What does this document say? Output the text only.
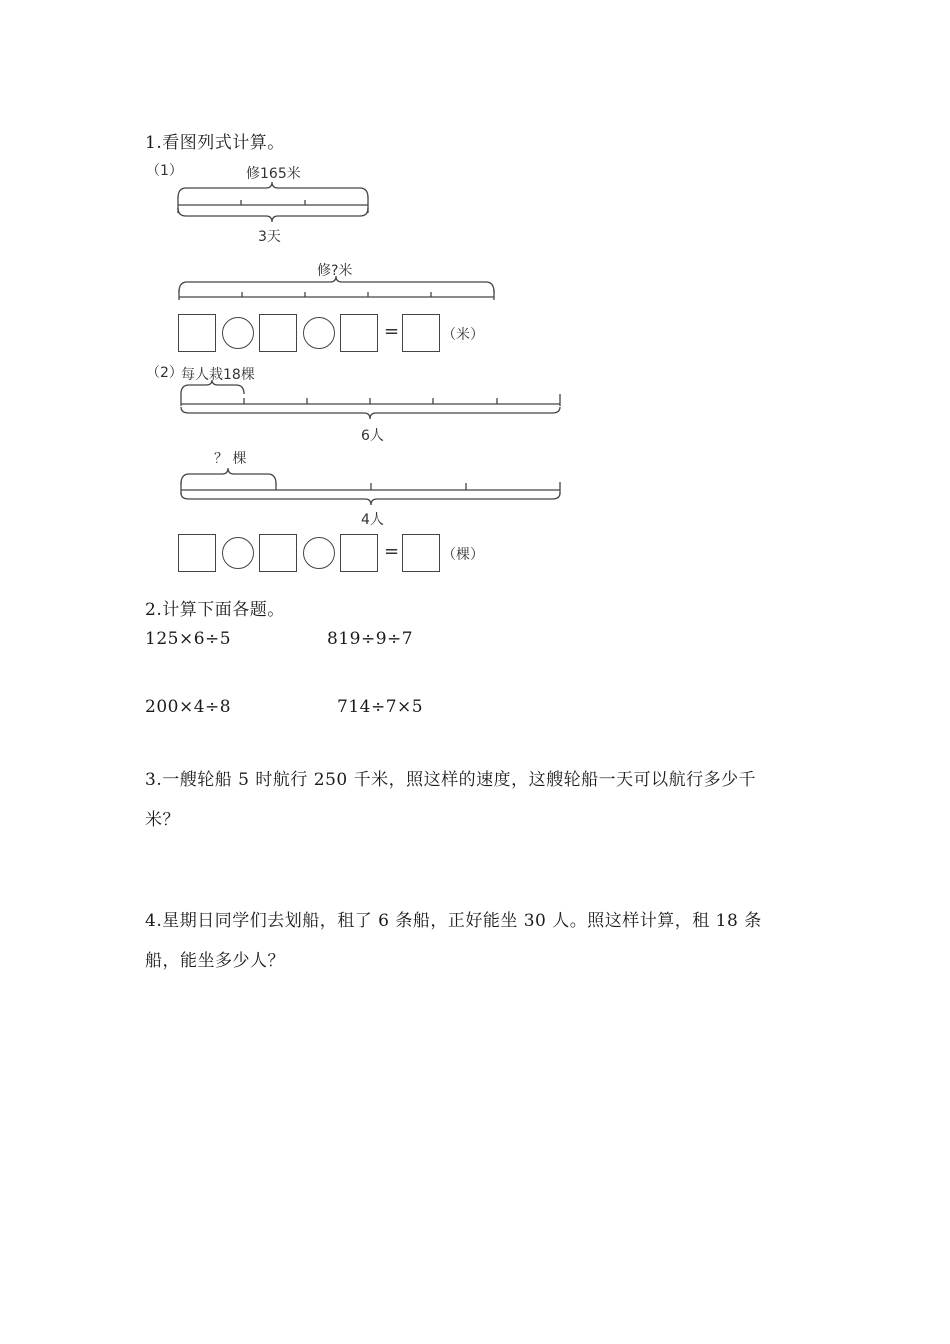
1.看图列式计算。
（1）	修165米
3天
修?米
=	（米）
（2）
每人栽18棵
6人
？ 棵
4人
=	（棵）
2.计算下面各题。
125×6÷5	819÷9÷7
200×4÷8	714÷7×5
3.一艘轮船 5 时航行 250 千米，照这样的速度，这艘轮船一天可以航行多少千
米？
4.星期日同学们去划船，租了 6 条船，正好能坐 30 人。照这样计算，租 18 条
船，能坐多少人？
